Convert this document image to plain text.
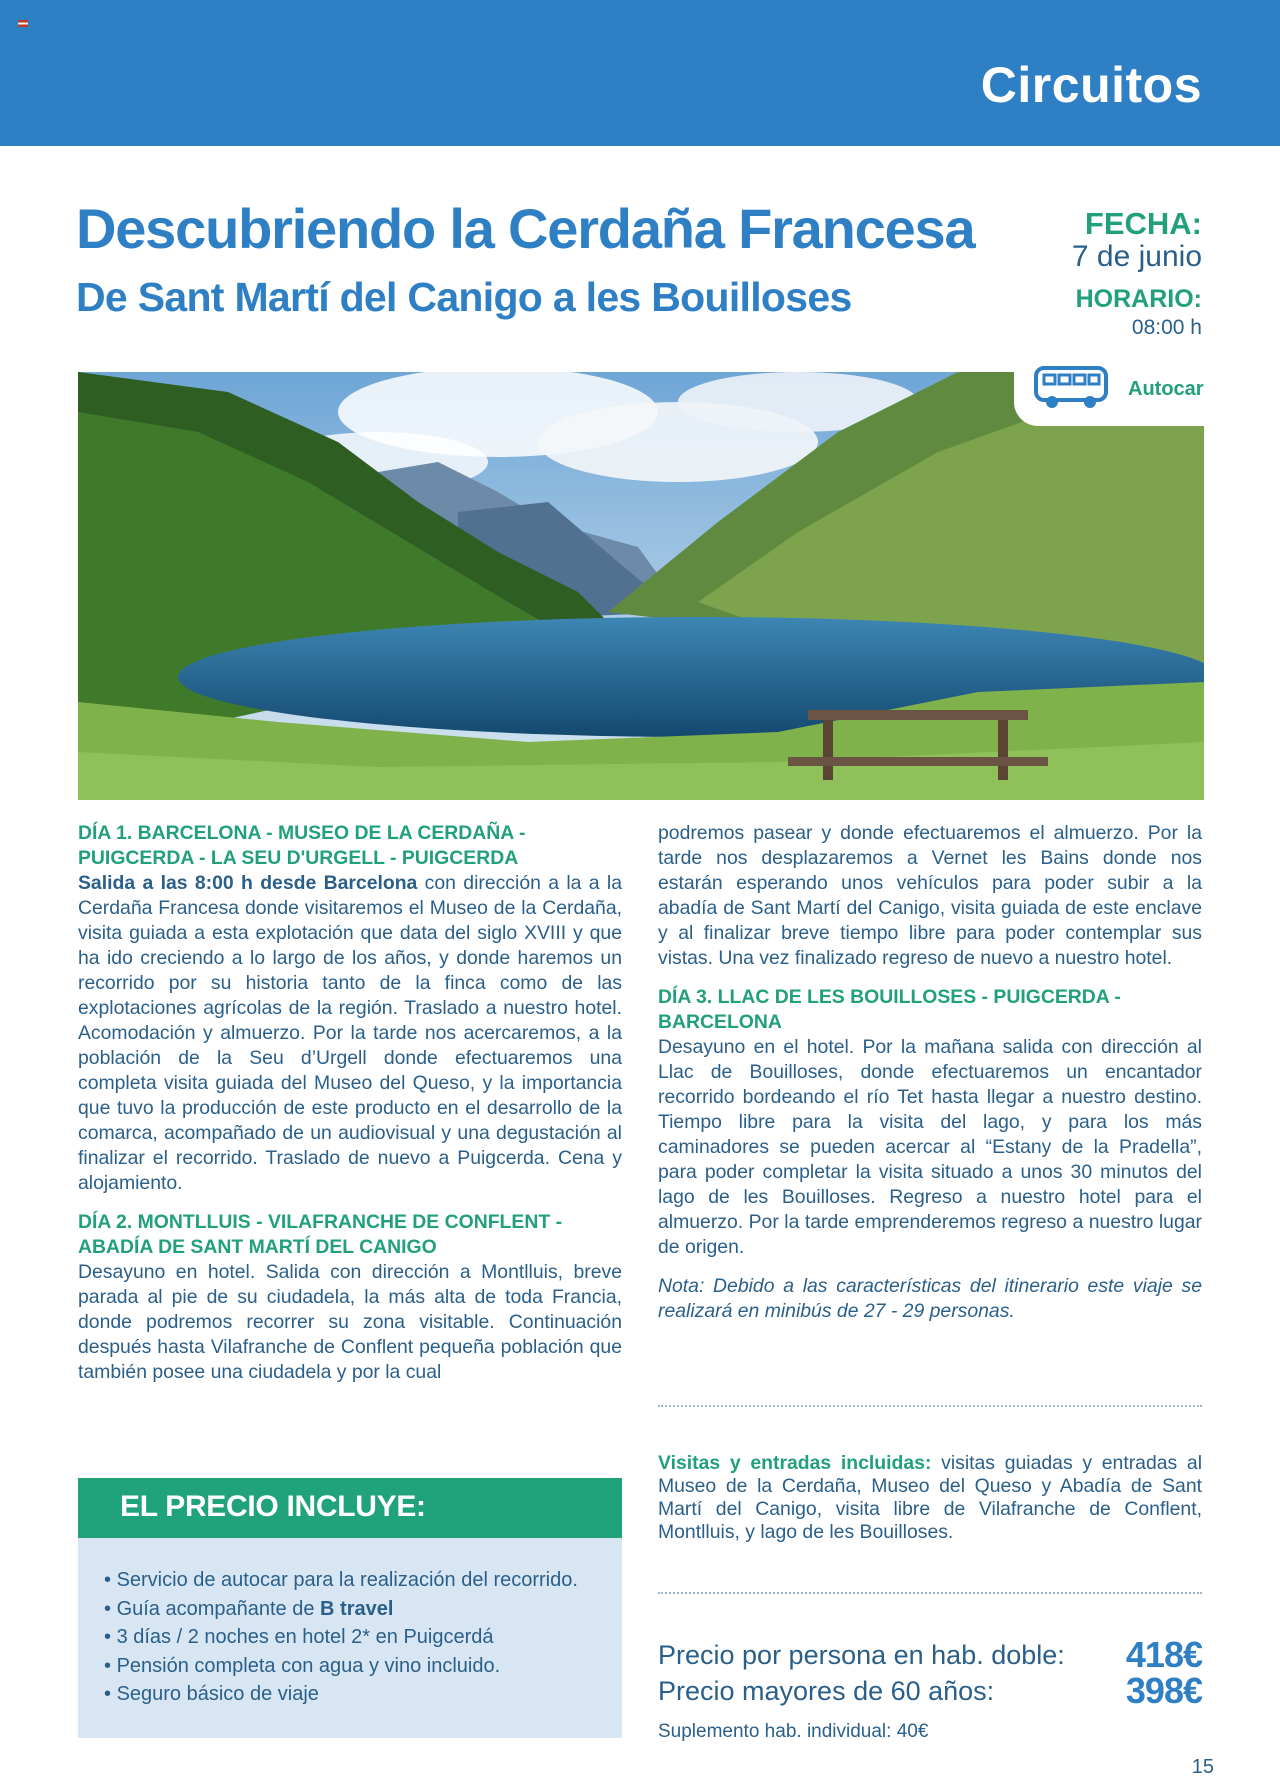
Circuitos
Descubriendo la Cerdaña Francesa
De Sant Martí del Canigo a les Bouilloses
FECHA:
7 de junio
HORARIO:
08:00 h
Autocar
DÍA 1. BARCELONA - MUSEO DE LA CERDAÑA - PUIGCERDA - LA SEU D'URGELL - PUIGCERDA

Salida a las 8:00 h desde Barcelona con dirección a la a la Cerdaña Francesa donde visitaremos el Museo de la Cerdaña, visita guiada a esta explotación que data del siglo XVIII y que ha ido creciendo a lo largo de los años, y donde haremos un recorrido por su historia tanto de la finca como de las explotaciones agrícolas de la región. Traslado a nuestro hotel. Acomodación y almuerzo. Por la tarde nos acercaremos, a la población de la Seu d’Urgell donde efectuaremos una completa visita guiada del Museo del Queso, y la importancia que tuvo la producción de este producto en el desarrollo de la comarca, acompañado de un audiovisual y una degustación al finalizar el recorrido. Traslado de nuevo a Puigcerda. Cena y alojamiento.

DÍA 2. MONTLLUIS - VILAFRANCHE DE CONFLENT - ABADÍA DE SANT MARTÍ DEL CANIGO

Desayuno en hotel. Salida con dirección a Montlluis, breve parada al pie de su ciudadela, la más alta de toda Francia, donde podremos recorrer su zona visitable. Continuación después hasta Vilafranche de Conflent pequeña población que también posee una ciudadela y por la cual

podremos pasear y donde efectuaremos el almuerzo. Por la tarde nos desplazaremos a Vernet les Bains donde nos estarán esperando unos vehículos para poder subir a la abadía de Sant Martí del Canigo, visita guiada de este enclave y al finalizar breve tiempo libre para poder contemplar sus vistas. Una vez finalizado regreso de nuevo a nuestro hotel.

DÍA 3. LLAC DE LES BOUILLOSES - PUIGCERDA - BARCELONA

Desayuno en el hotel. Por la mañana salida con dirección al Llac de Bouilloses, donde efectuaremos un encantador recorrido bordeando el río Tet hasta llegar a nuestro destino. Tiempo libre para la visita del lago, y para los más caminadores se pueden acercar al “Estany de la Pradella”, para poder completar la visita situado a unos 30 minutos del lago de les Bouilloses. Regreso a nuestro hotel para el almuerzo. Por la tarde emprenderemos regreso a nuestro lugar de origen.

Nota: Debido a las características del itinerario este viaje se realizará en minibús de 27 - 29 personas.

Visitas y entradas incluidas: visitas guiadas y entradas al Museo de la Cerdaña, Museo del Queso y Abadía de Sant Martí del Canigo, visita libre de Vilafranche de Conflent, Montlluis, y lago de les Bouilloses.
EL PRECIO INCLUYE:
• Servicio de autocar para la realización del recorrido.
• Guía acompañante de B travel
• 3 días / 2 noches en hotel 2* en Puigcerdá
• Pensión completa con agua y vino incluido.
• Seguro básico de viaje
Precio por persona en hab. doble: 418€
Precio mayores de 60 años:	398€
Suplemento hab. individual: 40€
15
